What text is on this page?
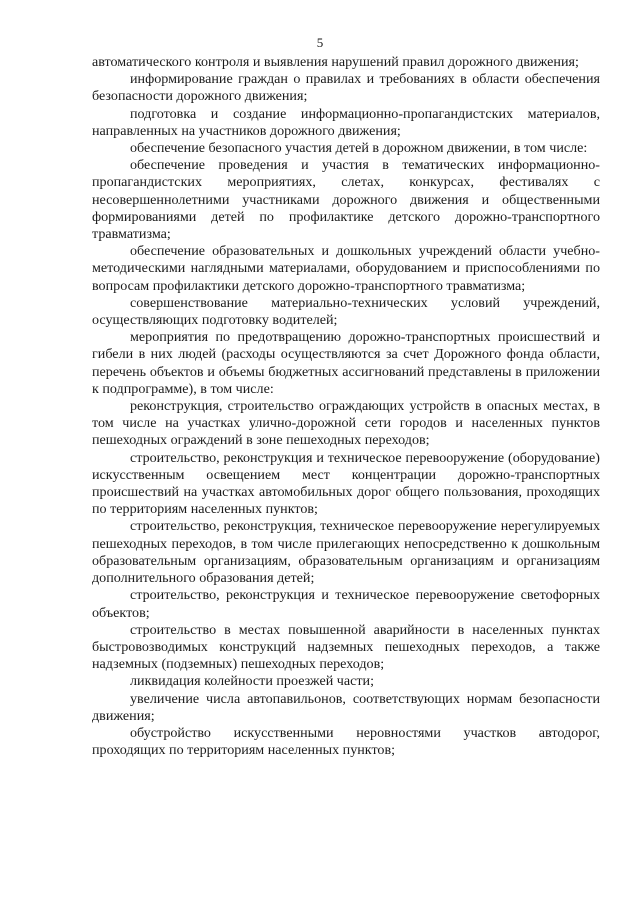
5

автоматического контроля и выявления нарушений правил дорожного движения;

информирование граждан о правилах и требованиях в области обеспечения безопасности дорожного движения;

подготовка и создание информационно-пропагандистских материалов, направленных на участников дорожного движения;

обеспечение безопасного участия детей в дорожном движении, в том числе:

обеспечение проведения и участия в тематических информационно-пропагандистских мероприятиях, слетах, конкурсах, фестивалях с несовершеннолетними участниками дорожного движения и общественными формированиями детей по профилактике детского дорожно-транспортного травматизма;

обеспечение образовательных и дошкольных учреждений области учебно-методическими наглядными материалами, оборудованием и приспособлениями по вопросам профилактики детского дорожно-транспортного травматизма;

совершенствование материально-технических условий учреждений, осуществляющих подготовку водителей;

мероприятия по предотвращению дорожно-транспортных происшествий и гибели в них людей (расходы осуществляются за счет Дорожного фонда области, перечень объектов и объемы бюджетных ассигнований представлены в приложении к подпрограмме), в том числе:

реконструкция, строительство ограждающих устройств в опасных местах, в том числе на участках улично-дорожной сети городов и населенных пунктов пешеходных ограждений в зоне пешеходных переходов;

строительство, реконструкция и техническое перевооружение (оборудование) искусственным освещением мест концентрации дорожно-транспортных происшествий на участках автомобильных дорог общего пользования, проходящих по территориям населенных пунктов;

строительство, реконструкция, техническое перевооружение нерегулируемых пешеходных переходов, в том числе прилегающих непосредственно к дошкольным образовательным организациям, образовательным организациям и организациям дополнительного образования детей;

строительство, реконструкция и техническое перевооружение светофорных объектов;

строительство в местах повышенной аварийности в населенных пунктах быстровозводимых конструкций надземных пешеходных переходов, а также надземных (подземных) пешеходных переходов;

ликвидация колейности проезжей части;

увеличение числа автопавильонов, соответствующих нормам безопасности движения;

обустройство искусственными неровностями участков автодорог, проходящих по территориям населенных пунктов;
